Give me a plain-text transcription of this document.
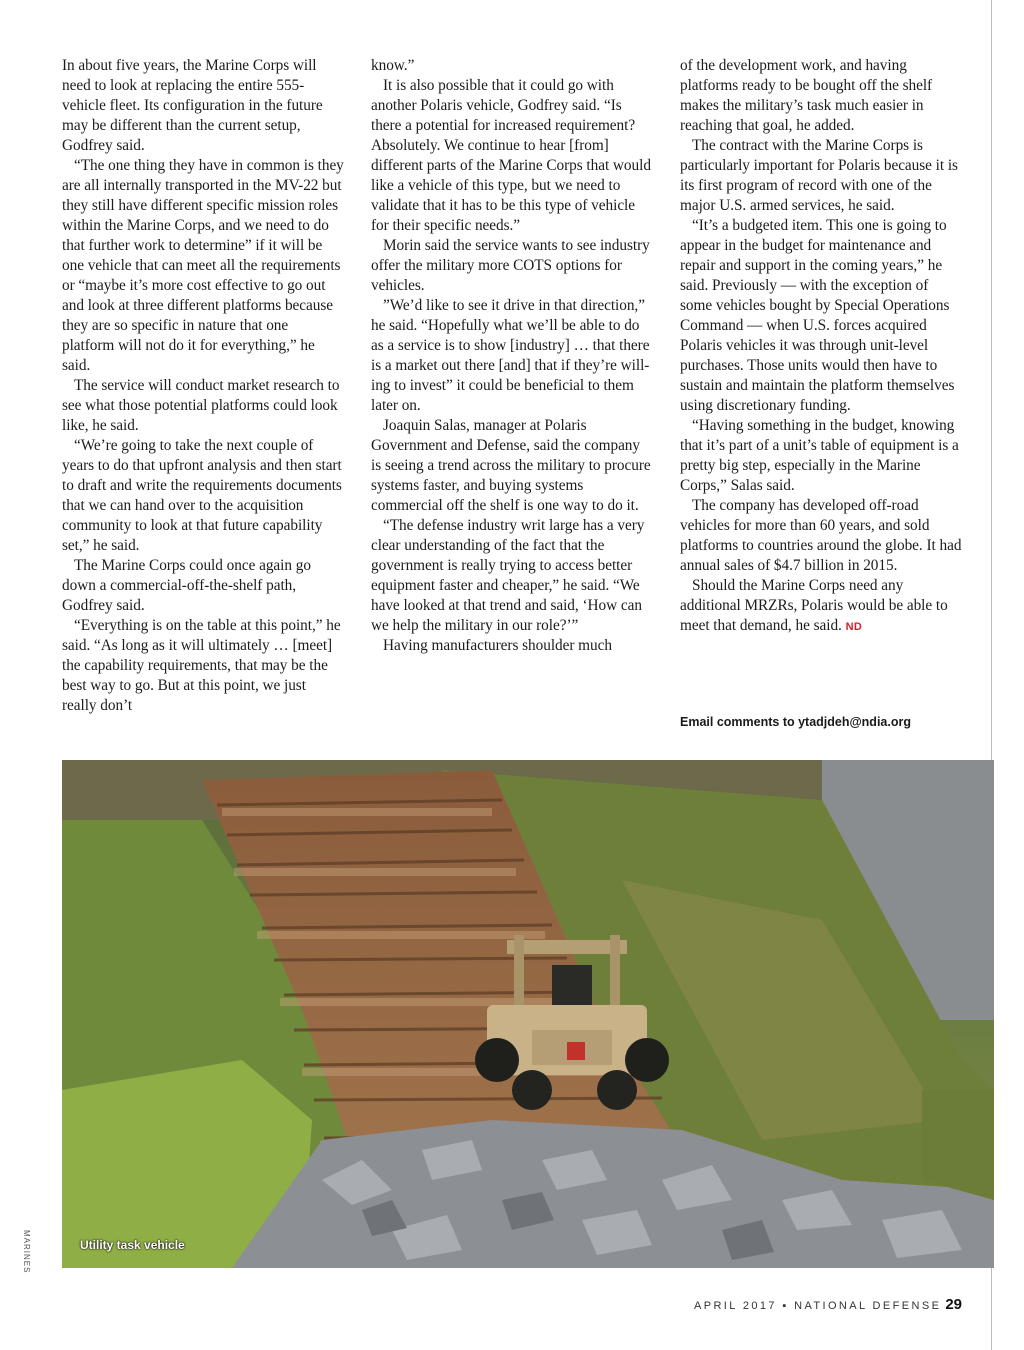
In about five years, the Marine Corps will need to look at replacing the entire 555-vehicle fleet. Its configuration in the future may be different than the current setup, Godfrey said.

“The one thing they have in common is they are all internally transported in the MV-22 but they still have different specific mission roles within the Marine Corps, and we need to do that further work to determine” if it will be one vehicle that can meet all the requirements or “maybe it’s more cost effective to go out and look at three different platforms because they are so specific in nature that one platform will not do it for everything,” he said.

The service will conduct market research to see what those potential platforms could look like, he said.

“We’re going to take the next couple of years to do that upfront analysis and then start to draft and write the requirements documents that we can hand over to the acquisition community to look at that future capability set,” he said.

The Marine Corps could once again go down a commercial-off-the-shelf path, Godfrey said.

“Everything is on the table at this point,” he said. “As long as it will ultimately … [meet] the capability requirements, that may be the best way to go. But at this point, we just really don’t

know.”

It is also possible that it could go with another Polaris vehicle, Godfrey said. “Is there a potential for increased requirement? Absolutely. We continue to hear [from] different parts of the Marine Corps that would like a vehicle of this type, but we need to validate that it has to be this type of vehicle for their specific needs.”

Morin said the service wants to see industry offer the military more COTS options for vehicles.

”We’d like to see it drive in that direction,” he said. “Hopefully what we’ll be able to do as a service is to show [industry] … that there is a market out there [and] that if they’re willing to invest” it could be beneficial to them later on.

Joaquin Salas, manager at Polaris Government and Defense, said the company is seeing a trend across the military to procure systems faster, and buying systems commercial off the shelf is one way to do it.

“The defense industry writ large has a very clear understanding of the fact that the government is really trying to access better equipment faster and cheaper,” he said. “We have looked at that trend and said, ‘How can we help the military in our role?’”

Having manufacturers shoulder much

of the development work, and having platforms ready to be bought off the shelf makes the military’s task much easier in reaching that goal, he added.

The contract with the Marine Corps is particularly important for Polaris because it is its first program of record with one of the major U.S. armed services, he said.

“It’s a budgeted item. This one is going to appear in the budget for maintenance and repair and support in the coming years,” he said. Previously — with the exception of some vehicles bought by Special Operations Command — when U.S. forces acquired Polaris vehicles it was through unit-level purchases. Those units would then have to sustain and maintain the platform themselves using discretionary funding.

“Having something in the budget, knowing that it’s part of a unit’s table of equipment is a pretty big step, especially in the Marine Corps,” Salas said.

The company has developed off-road vehicles for more than 60 years, and sold platforms to countries around the globe. It had annual sales of $4.7 billion in 2015.

Should the Marine Corps need any additional MRZRs, Polaris would be able to meet that demand, he said. ND

Email comments to ytadjdeh@ndia.org
Utility task vehicle
MARINES
APRIL 2017 ▪ NATIONAL DEFENSE 29
